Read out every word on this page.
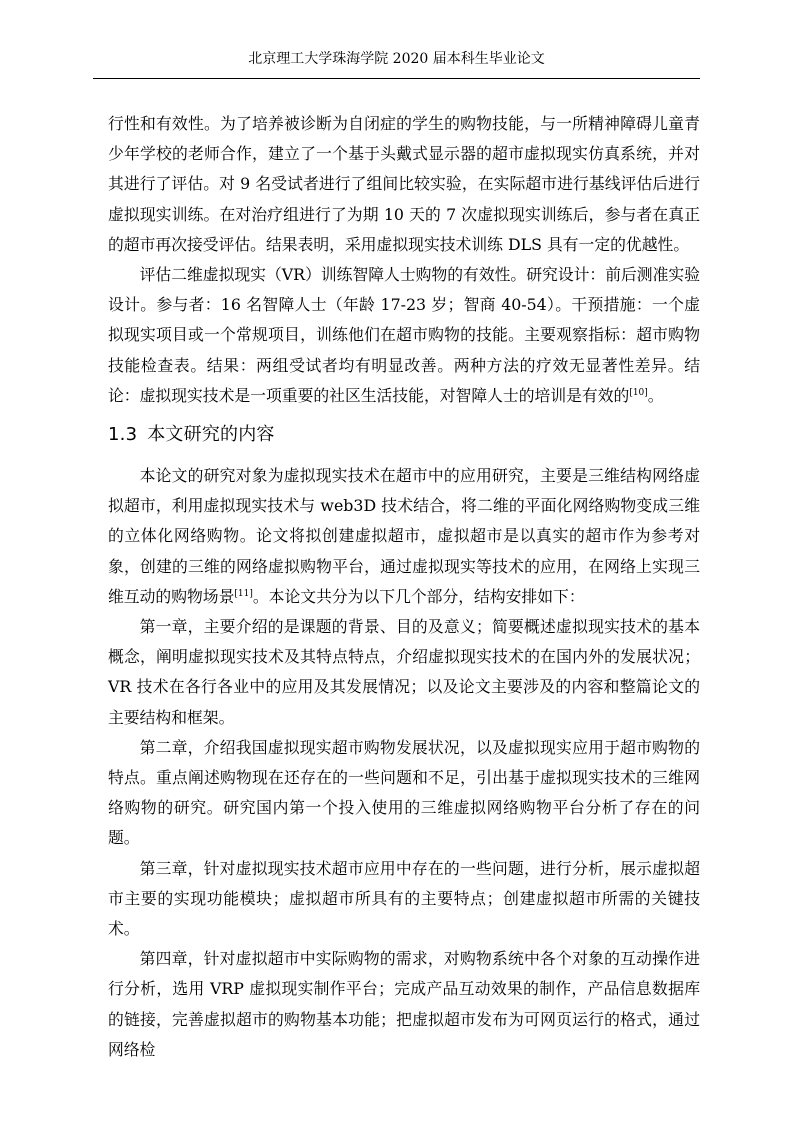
北京理工大学珠海学院 2020 届本科生毕业论文

行性和有效性。为了培养被诊断为自闭症的学生的购物技能，与一所精神障碍儿童青少年学校的老师合作，建立了一个基于头戴式显示器的超市虚拟现实仿真系统，并对其进行了评估。对 9 名受试者进行了组间比较实验，在实际超市进行基线评估后进行虚拟现实训练。在对治疗组进行了为期 10 天的 7 次虚拟现实训练后，参与者在真正的超市再次接受评估。结果表明，采用虚拟现实技术训练 DLS 具有一定的优越性。

评估二维虚拟现实（VR）训练智障人士购物的有效性。研究设计：前后测准实验设计。参与者：16 名智障人士（年龄 17-23 岁；智商 40-54）。干预措施：一个虚拟现实项目或一个常规项目，训练他们在超市购物的技能。主要观察指标：超市购物技能检查表。结果：两组受试者均有明显改善。两种方法的疗效无显著性差异。结论：虚拟现实技术是一项重要的社区生活技能，对智障人士的培训是有效的[10]。

1.3 本文研究的内容

本论文的研究对象为虚拟现实技术在超市中的应用研究，主要是三维结构网络虚拟超市，利用虚拟现实技术与 web3D 技术结合，将二维的平面化网络购物变成三维的立体化网络购物。论文将拟创建虚拟超市，虚拟超市是以真实的超市作为参考对象，创建的三维的网络虚拟购物平台，通过虚拟现实等技术的应用，在网络上实现三维互动的购物场景[11]。本论文共分为以下几个部分，结构安排如下：

第一章，主要介绍的是课题的背景、目的及意义；简要概述虚拟现实技术的基本概念，阐明虚拟现实技术及其特点特点，介绍虚拟现实技术的在国内外的发展状况；VR 技术在各行各业中的应用及其发展情况；以及论文主要涉及的内容和整篇论文的主要结构和框架。

第二章，介绍我国虚拟现实超市购物发展状况，以及虚拟现实应用于超市购物的特点。重点阐述购物现在还存在的一些问题和不足，引出基于虚拟现实技术的三维网络购物的研究。研究国内第一个投入使用的三维虚拟网络购物平台分析了存在的问题。

第三章，针对虚拟现实技术超市应用中存在的一些问题，进行分析，展示虚拟超市主要的实现功能模块；虚拟超市所具有的主要特点；创建虚拟超市所需的关键技术。

第四章，针对虚拟超市中实际购物的需求，对购物系统中各个对象的互动操作进行分析，选用 VRP 虚拟现实制作平台；完成产品互动效果的制作，产品信息数据库的链接，完善虚拟超市的购物基本功能；把虚拟超市发布为可网页运行的格式，通过网络检
